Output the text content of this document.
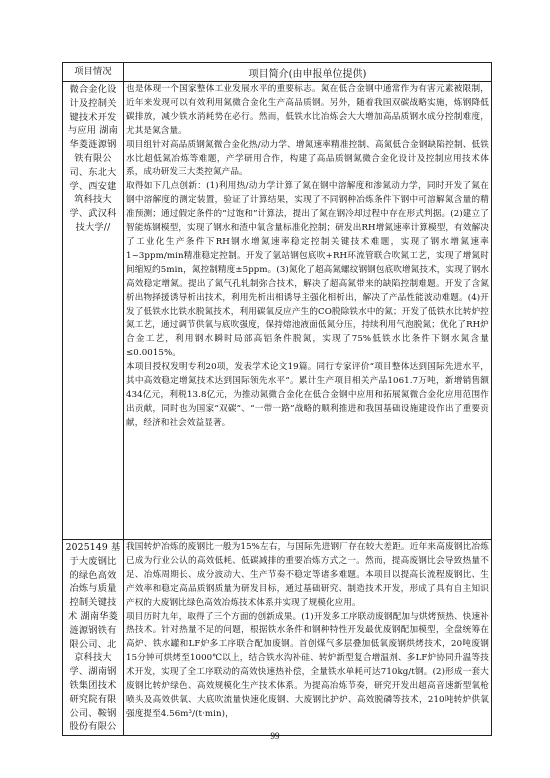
项目情况	项目简介(由申报单位提供)
微合金化设计及控制关键技术开发与应用 湖南华菱涟源钢铁有限公司、东北大学、西安建筑科技大学、武汉科技大学//	也是体现一个国家整体工业发展水平的重要标志。氮在低合金钢中通常作为有害元素被限制，近年来发现可以有效利用氮微合金化生产高品质钢。另外，随着我国双碳战略实施，炼钢降低碳排放，减少铁水消耗势在必行。然而，低铁水比冶炼会大大增加高品质钢水成分控制难度，尤其是氮含量。

项目组针对高品质钢氮微合金化热/动力学、增氮速率精准控制、高氮低合金钢缺陷控制、低铁水比超低氮冶炼等难题，产学研用合作，构建了高品质钢氮微合金化设计及控制应用技术体系，成功研发三大类控氮产品。

取得如下几点创新：(1)利用热/动力学计算了氮在钢中溶解度和渗氮动力学，同时开发了氮在钢中溶解度的测定装置，验证了计算结果，实现了不同钢种冶炼条件下钢中可溶解氮含量的精准预测；通过假定条件的“过饱和”计算法，提出了氮在钢冷却过程中存在形式判据。(2)建立了智能炼钢模型，实现了钢水和渣中氧含量标准化控制；研发出RH增氮速率计算模型，有效解决了工业化生产条件下RH钢水增氮速率稳定控制关键技术难题，实现了钢水增氮速率1~3ppm/min精准稳定控制。开发了氩站钢包底吹+RH环流管联合吹氮工艺，实现了增氮时间缩短约5min，氮控制精度±5ppm。(3)氮化了超高氮螺纹钢钢包底吹增氮技术，实现了钢水高效稳定增氮。提出了氮气孔轧制弥合技术，解决了超高氮带来的缺陷控制难题。开发了含氮析出物择援诱导析出技术，利用先析出相诱导主强化相析出，解决了产品性能波动难题。(4)开发了低铁水比铁水脱氮技术，利用碳氧反应产生的CO脱除铁水中的氮；开发了低铁水比转炉控氮工艺，通过调节供氧与底吹强度，保持熔池液面低氮分压，持续利用气泡脱氮；优化了RH炉合金工艺，利用钢水瞬时局部高铝条件脱氮，实现了75%低铁水比条件下钢水氮含量≤0.0015%。

本项目授权发明专利20项，发表学术论文19篇。同行专家评价“项目整体达到国际先进水平，其中高效稳定增氮技术达到国际领先水平”。累计生产项目相关产品1061.7万吨，新增销售额434亿元，利税13.8亿元，为推动氮微合金化在低合金钢中应用和拓展氮微合金化应用范围作出贡献，同时也为国家“双碳”、“一带一路”战略的顺利推进和我国基础设施建设作出了重要贡献，经济和社会效益显著。

2025149 基于大废钢比的绿色高效冶炼与质量控制关键技术 湖南华菱涟源钢铁有限公司、北京科技大学、湖南钢铁集团技术研究院有限公司、鞍钢股份有限公	我国转炉冶炼的废钢比一般为15%左右，与国际先进钢厂存在较大差距。近年来高废钢比冶炼已成为行业公认的高效低耗、低碳减排的重要冶炼方式之一。然而，提高废钢比会导致热量不足、冶炼周期长、成分波动大、生产节奏不稳定等诸多难题。本项目以提高长流程废钢比、生产效率和稳定高品质钢质量为研发目标，通过基础研究、制造技术开发，形成了具有自主知识产权的大废钢比绿色高效冶炼技术体系并实现了规模化应用。

项目历时九年，取得了三个方面的创新成果。(1)开发多工序联动废钢配加与烘烤预热、快速补热技术。针对热量不足的问题，根据铁水条件和钢种特性开发最优废钢配加模型，全盘统筹在高炉、铁水罐和LF炉多工序联合配加废钢。首创煤气多层叠加低氧废钢烘烤技术，20吨废钢15分钟可烘烤至1000℃以上，结合铁水沟补硅、转炉新型复合增温剂、多LF炉协同升温等技术开发，实现了全工序联动的高效快速热补偿，全量铁水单耗可达710kg/t钢。(2)形成一套大废钢比转炉绿色、高效规模化生产技术体系。为提高冶炼节奏，研究开发出超高音速新型氧枪喷头及高效供氧、大底吹流量快速化废钢、大废钢比护炉、高效脱磷等技术，210吨转炉供氧强度提至4.56m³/(t·min)，

99
